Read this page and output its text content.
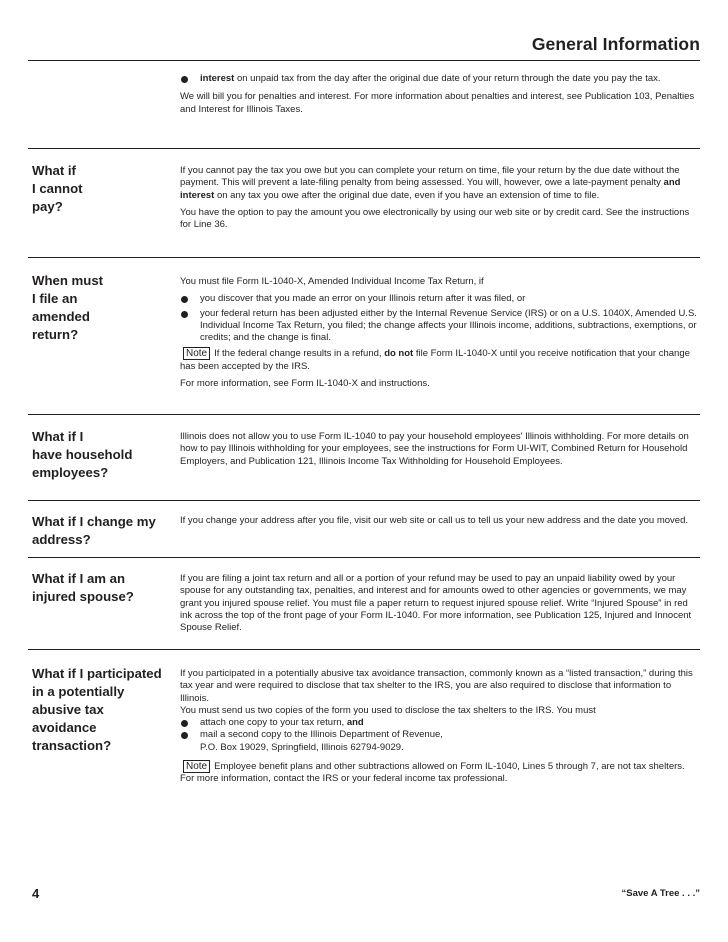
General Information
interest on unpaid tax from the day after the original due date of your return through the date you pay the tax.

We will bill you for penalties and interest. For more information about penalties and interest, see Publication 103, Penalties and Interest for Illinois Taxes.

What if
I cannot
pay?

If you cannot pay the tax you owe but you can complete your return on time, file your return by the due date without the payment. This will prevent a late-filing penalty from being assessed. You will, however, owe a late-payment penalty and interest on any tax you owe after the original due date, even if you have an extension of time to file.

You have the option to pay the amount you owe electronically by using our web site or by credit card. See the instructions for Line 36.

When must
I file an
amended
return?

You must file Form IL-1040-X, Amended Individual Income Tax Return, if

you discover that you made an error on your Illinois return after it was filed, or
your federal return has been adjusted either by the Internal Revenue Service (IRS) or on a U.S. 1040X, Amended U.S. Individual Income Tax Return, you filed; the change affects your Illinois income, additions, subtractions, exemptions, or credits; and the change is final.

Note If the federal change results in a refund, do not file Form IL-1040-X until you receive notification that your change has been accepted by the IRS.

For more information, see Form IL-1040-X and instructions.

What if I
have household
employees?

Illinois does not allow you to use Form IL-1040 to pay your household employees' Illinois withholding. For more details on how to pay Illinois withholding for your employees, see the instructions for Form UI-WIT, Combined Return for Household Employers, and Publication 121, Illinois Income Tax Withholding for Household Employees.

What if I change my
address?

If you change your address after you file, visit our web site or call us to tell us your new address and the date you moved.

What if I am an
injured spouse?

If you are filing a joint tax return and all or a portion of your refund may be used to pay an unpaid liability owed by your spouse for any outstanding tax, penalties, and interest and for amounts owed to other agencies or governments, we may grant you injured spouse relief. You must file a paper return to request injured spouse relief. Write “Injured Spouse” in red ink across the top of the front page of your Form IL-1040. For more information, see Publication 125, Injured and Innocent Spouse Relief.

What if I participated
in a potentially
abusive tax
avoidance
transaction?

If you participated in a potentially abusive tax avoidance transaction, commonly known as a “listed transaction,” during this tax year and were required to disclose that tax shelter to the IRS, you are also required to disclose that information to Illinois.

You must send us two copies of the form you used to disclose the tax shelters to the IRS. You must

attach one copy to your tax return, and
mail a second copy to the Illinois Department of Revenue,

P.O. Box 19029, Springfield, Illinois 62794-9029.

Note Employee benefit plans and other subtractions allowed on Form IL-1040, Lines 5 through 7, are not tax shelters. For more information, contact the IRS or your federal income tax professional.

4	“Save A Tree . . .”
